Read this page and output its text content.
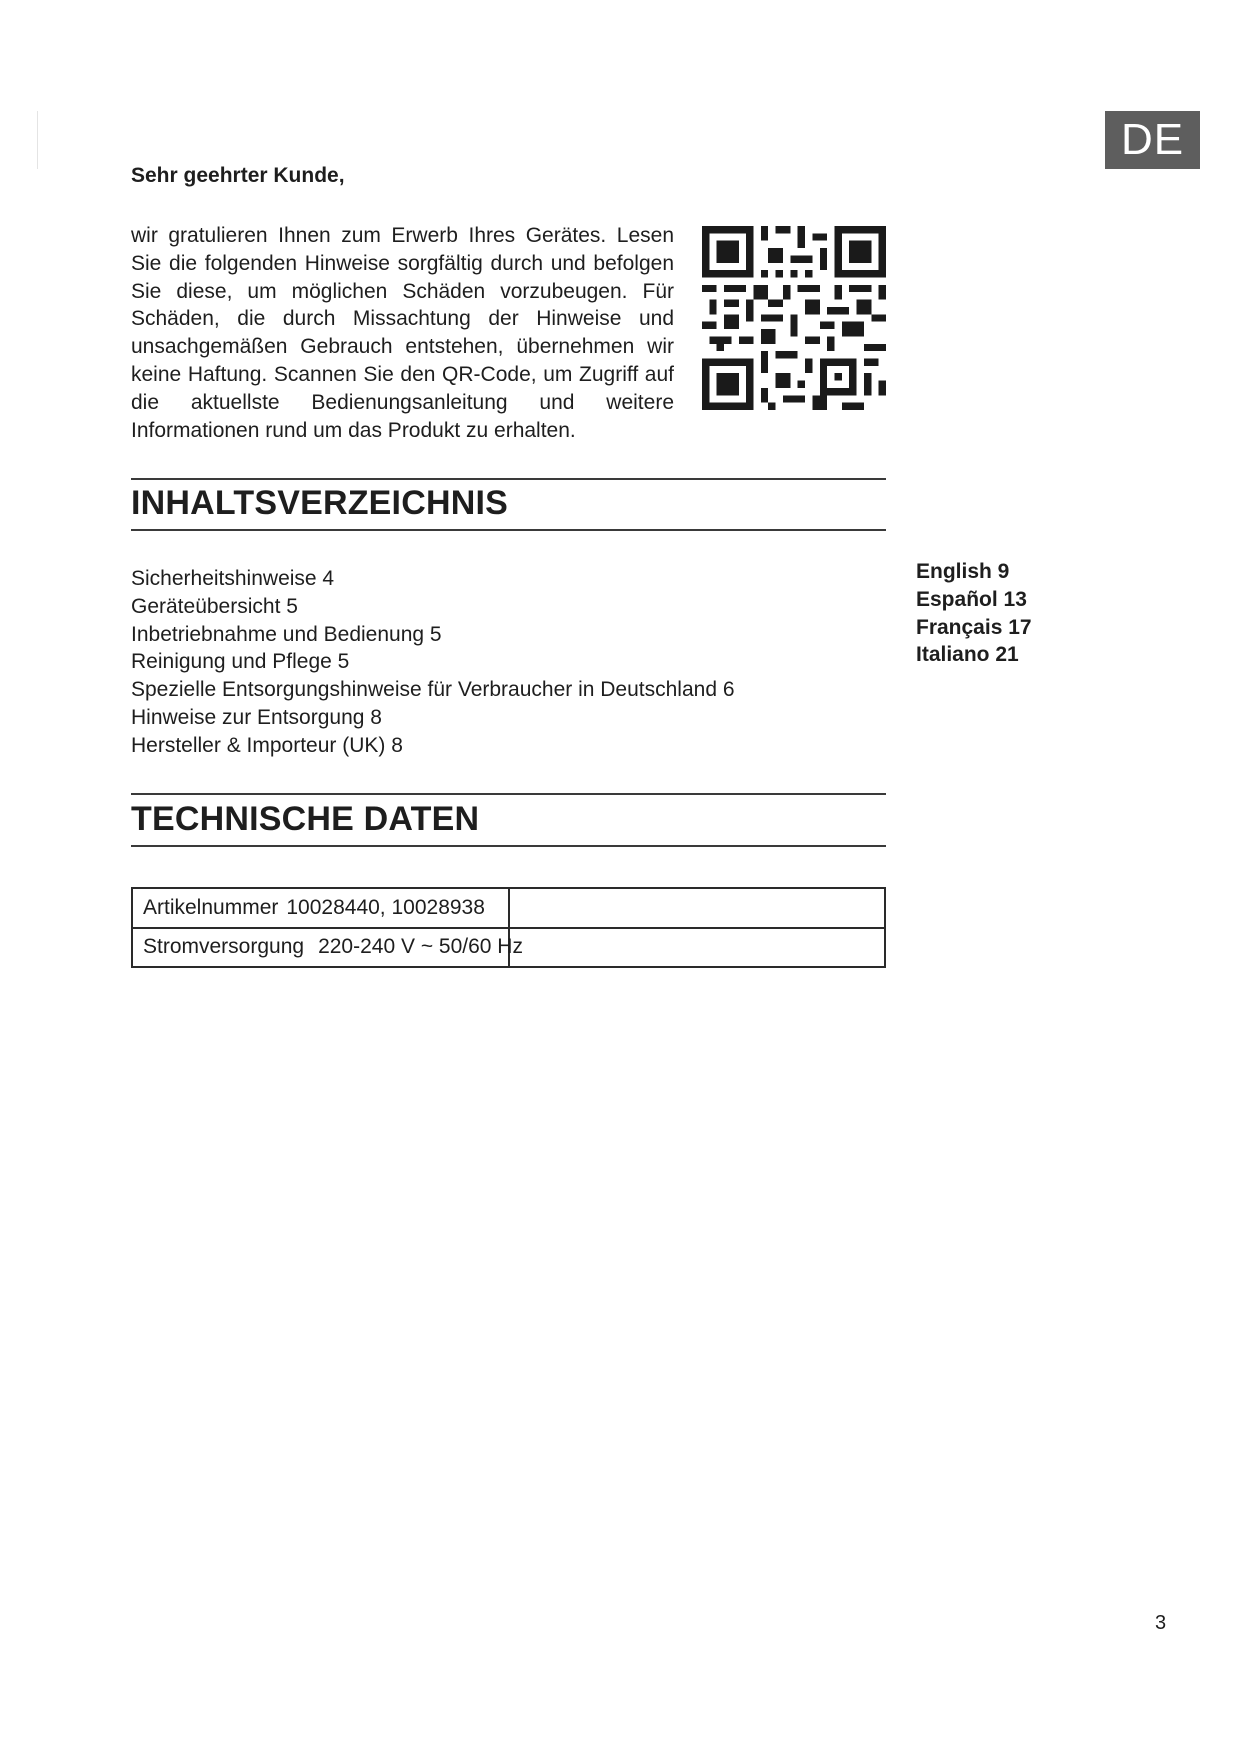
DE

Sehr geehrter Kunde,

wir gratulieren Ihnen zum Erwerb Ihres Gerätes. Lesen Sie die folgenden Hinweise sorgfältig durch und befolgen Sie diese, um möglichen Schäden vorzubeugen. Für Schäden, die durch Missachtung der Hinweise und unsachgemäßen Gebrauch entstehen, übernehmen wir keine Haftung. Scannen Sie den QR-Code, um Zugriff auf die aktuellste Bedienungsanleitung und weitere Informationen rund um das Produkt zu erhalten.

INHALTSVERZEICHNIS
Sicherheitshinweise 4
Geräteübersicht 5
Inbetriebnahme und Bedienung 5
Reinigung und Pflege 5
Spezielle Entsorgungshinweise für Verbraucher in Deutschland 6
Hinweise zur Entsorgung 8
Hersteller & Importeur (UK) 8
English 9
Español 13
Français 17
Italiano 21
TECHNISCHE DATEN
Artikelnummer 10028440, 10028938
Stromversorgung 220-240 V ~ 50/60 Hz
3
